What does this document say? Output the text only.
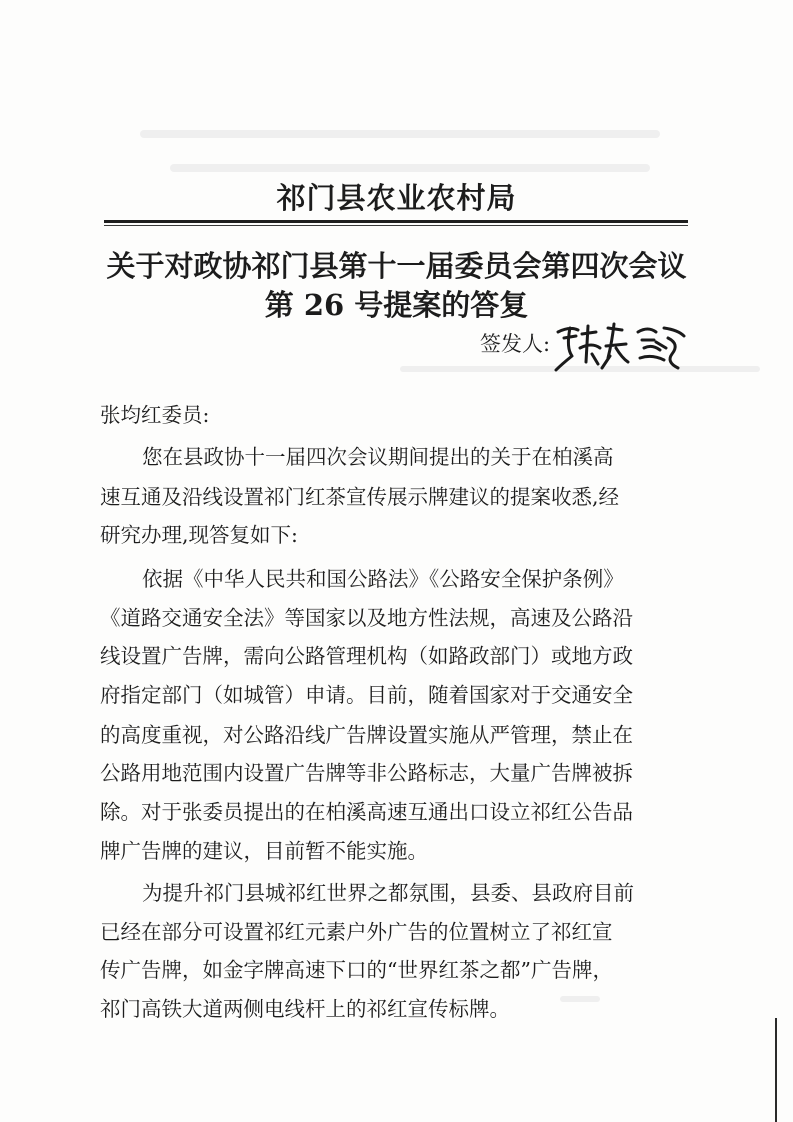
祁门县农业农村局
关于对政协祁门县第十一届委员会第四次会议
第 26 号提案的答复
签发人:
张均红委员:
您在县政协十一届四次会议期间提出的关于在柏溪高
速互通及沿线设置祁门红茶宣传展示牌建议的提案收悉,经
研究办理,现答复如下:
依据《中华人民共和国公路法》《公路安全保护条例》
《道路交通安全法》等国家以及地方性法规，高速及公路沿
线设置广告牌，需向公路管理机构（如路政部门）或地方政
府指定部门（如城管）申请。目前，随着国家对于交通安全
的高度重视，对公路沿线广告牌设置实施从严管理，禁止在
公路用地范围内设置广告牌等非公路标志，大量广告牌被拆
除。对于张委员提出的在柏溪高速互通出口设立祁红公告品
牌广告牌的建议，目前暂不能实施。
为提升祁门县城祁红世界之都氛围，县委、县政府目前
已经在部分可设置祁红元素户外广告的位置树立了祁红宣
传广告牌，如金字牌高速下口的“世界红茶之都”广告牌，
祁门高铁大道两侧电线杆上的祁红宣传标牌。
